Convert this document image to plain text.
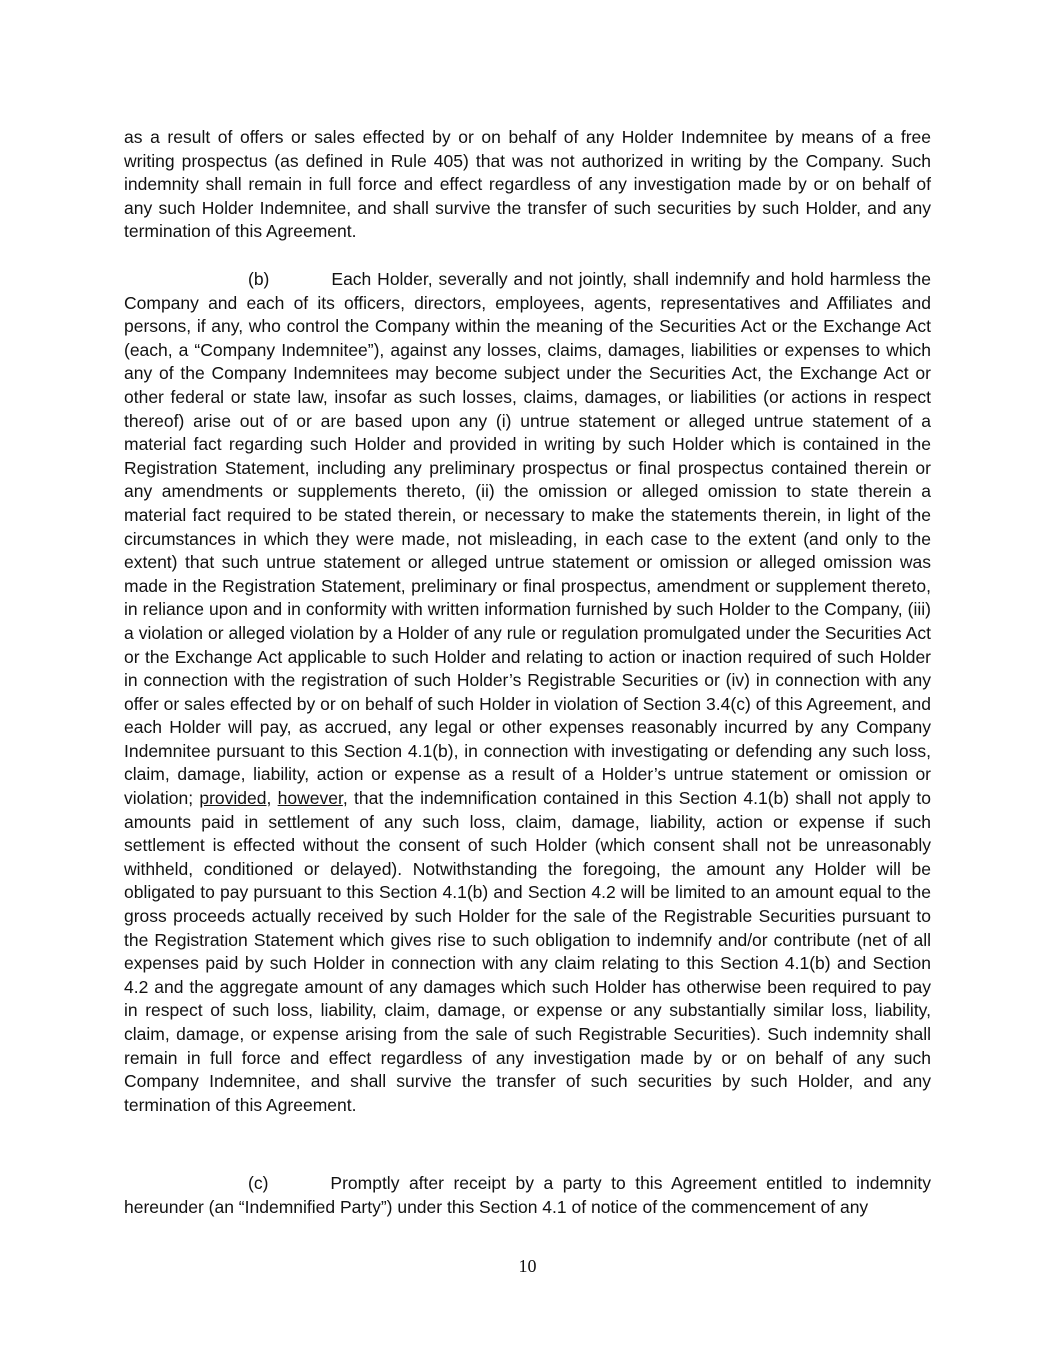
as a result of offers or sales effected by or on behalf of any Holder Indemnitee by means of a free writing prospectus (as defined in Rule 405) that was not authorized in writing by the Company. Such indemnity shall remain in full force and effect regardless of any investigation made by or on behalf of any such Holder Indemnitee, and shall survive the transfer of such securities by such Holder, and any termination of this Agreement.

(b)	Each Holder, severally and not jointly, shall indemnify and hold harmless the Company and each of its officers, directors, employees, agents, representatives and Affiliates and persons, if any, who control the Company within the meaning of the Securities Act or the Exchange Act (each, a “Company Indemnitee”), against any losses, claims, damages, liabilities or expenses to which any of the Company Indemnitees may become subject under the Securities Act, the Exchange Act or other federal or state law, insofar as such losses, claims, damages, or liabilities (or actions in respect thereof) arise out of or are based upon any (i) untrue statement or alleged untrue statement of a material fact regarding such Holder and provided in writing by such Holder which is contained in the Registration Statement, including any preliminary prospectus or final prospectus contained therein or any amendments or supplements thereto, (ii) the omission or alleged omission to state therein a material fact required to be stated therein, or necessary to make the statements therein, in light of the circumstances in which they were made, not misleading, in each case to the extent (and only to the extent) that such untrue statement or alleged untrue statement or omission or alleged omission was made in the Registration Statement, preliminary or final prospectus, amendment or supplement thereto, in reliance upon and in conformity with written information furnished by such Holder to the Company, (iii) a violation or alleged violation by a Holder of any rule or regulation promulgated under the Securities Act or the Exchange Act applicable to such Holder and relating to action or inaction required of such Holder in connection with the registration of such Holder’s Registrable Securities or (iv) in connection with any offer or sales effected by or on behalf of such Holder in violation of Section 3.4(c) of this Agreement, and each Holder will pay, as accrued, any legal or other expenses reasonably incurred by any Company Indemnitee pursuant to this Section 4.1(b), in connection with investigating or defending any such loss, claim, damage, liability, action or expense as a result of a Holder’s untrue statement or omission or violation; provided, however, that the indemnification contained in this Section 4.1(b) shall not apply to amounts paid in settlement of any such loss, claim, damage, liability, action or expense if such settlement is effected without the consent of such Holder (which consent shall not be unreasonably withheld, conditioned or delayed). Notwithstanding the foregoing, the amount any Holder will be obligated to pay pursuant to this Section 4.1(b) and Section 4.2 will be limited to an amount equal to the gross proceeds actually received by such Holder for the sale of the Registrable Securities pursuant to the Registration Statement which gives rise to such obligation to indemnify and/or contribute (net of all expenses paid by such Holder in connection with any claim relating to this Section 4.1(b) and Section 4.2 and the aggregate amount of any damages which such Holder has otherwise been required to pay in respect of such loss, liability, claim, damage, or expense or any substantially similar loss, liability, claim, damage, or expense arising from the sale of such Registrable Securities). Such indemnity shall remain in full force and effect regardless of any investigation made by or on behalf of any such Company Indemnitee, and shall survive the transfer of such securities by such Holder, and any termination of this Agreement.

(c)	Promptly after receipt by a party to this Agreement entitled to indemnity hereunder (an “Indemnified Party”) under this Section 4.1 of notice of the commencement of any

10
